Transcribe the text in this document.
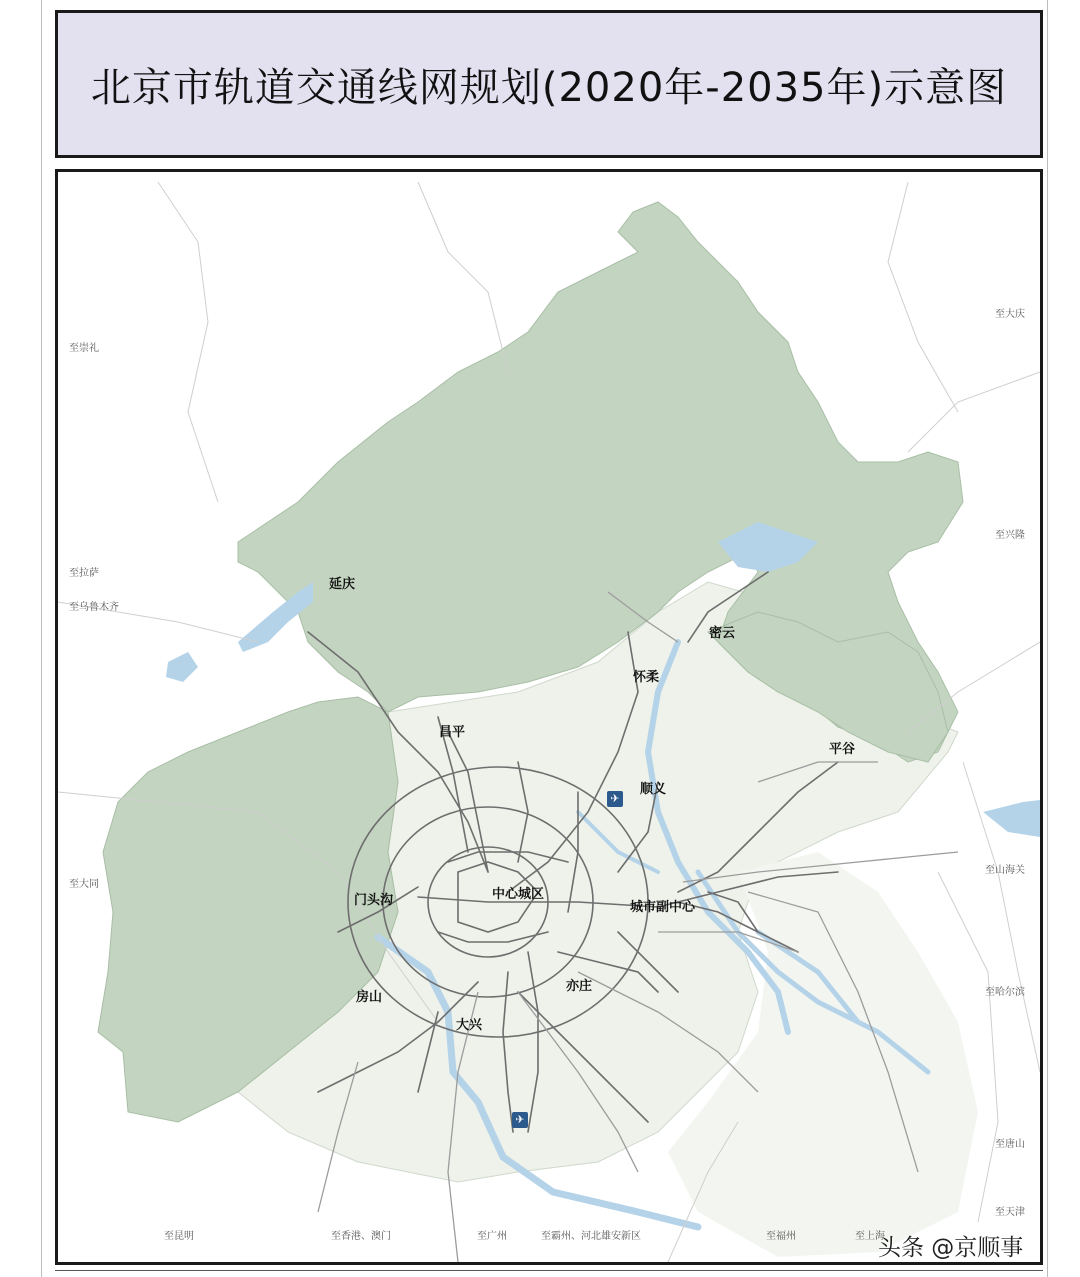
北京市轨道交通线网规划(2020年-2035年)示意图
延庆
密云
怀柔
昌平
平谷
顺义
中心城区
门头沟	城市副中心
房山
亦庄
大兴
✈
✈
至崇礼
至拉萨
至乌鲁木齐
至大同
至大庆
至兴隆
至山海关
至哈尔滨
至唐山
至天津
至上海
至昆明	至香港、澳门	至广州	至霸州、河北雄安新区	至福州	头条 @京顺事
